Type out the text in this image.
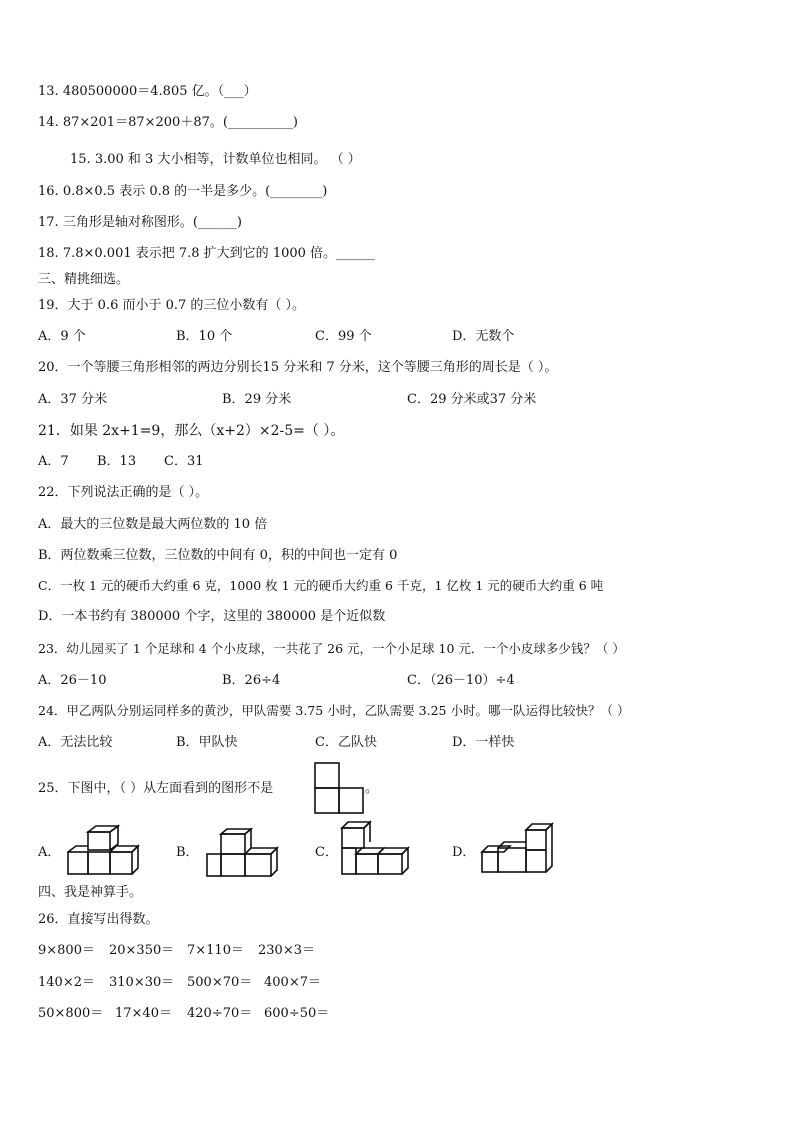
13. 480500000＝4.805 亿。（___）
14. 87×201＝87×200＋87。(__________)
15. 3.00 和 3 大小相等，计数单位也相同。 （ ）
16. 0.8×0.5 表示 0.8 的一半是多少。(________)
17. 三角形是轴对称图形。(______)
18. 7.8×0.001 表示把 7.8 扩大到它的 1000 倍。______
三、精挑细选。
19．大于 0.6 而小于 0.7 的三位小数有（ ）。
A．9 个	B．10 个	C．99 个	D．无数个
20．一个等腰三角形相邻的两边分别长15 分米和 7 分米，这个等腰三角形的周长是（ ）。
A．37 分米	B．29 分米	C．29 分米或37 分米
21．如果 2x+1=9，那么（x+2）×2-5=（ ）。
A．7 B．13 C．31
22．下列说法正确的是（ ）。
A．最大的三位数是最大两位数的 10 倍
B．两位数乘三位数，三位数的中间有 0，积的中间也一定有 0
C．一枚 1 元的硬币大约重 6 克，1000 枚 1 元的硬币大约重 6 千克，1 亿枚 1 元的硬币大约重 6 吨
D．一本书约有 380000 个字，这里的 380000 是个近似数
23．幼儿园买了 1 个足球和 4 个小皮球，一共花了 26 元，一个小足球 10 元．一个小皮球多少钱？（ ）
A．26－10	B．26÷4	C．（26－10）÷4
24．甲乙两队分别运同样多的黄沙，甲队需要 3.75 小时，乙队需要 3.25 小时。哪一队运得比较快？（ ）
A．无法比较	B．甲队快	C．乙队快	D．一样快
25．下图中，（ ）从左面看到的图形不是	。
A．	B．	C．	D．
四、我是神算手。
26．直接写出得数。
9×800＝ 20×350＝ 7×110＝ 230×3＝
140×2＝ 310×30＝ 500×70＝ 400×7＝
50×800＝ 17×40＝ 420÷70＝ 600÷50＝
